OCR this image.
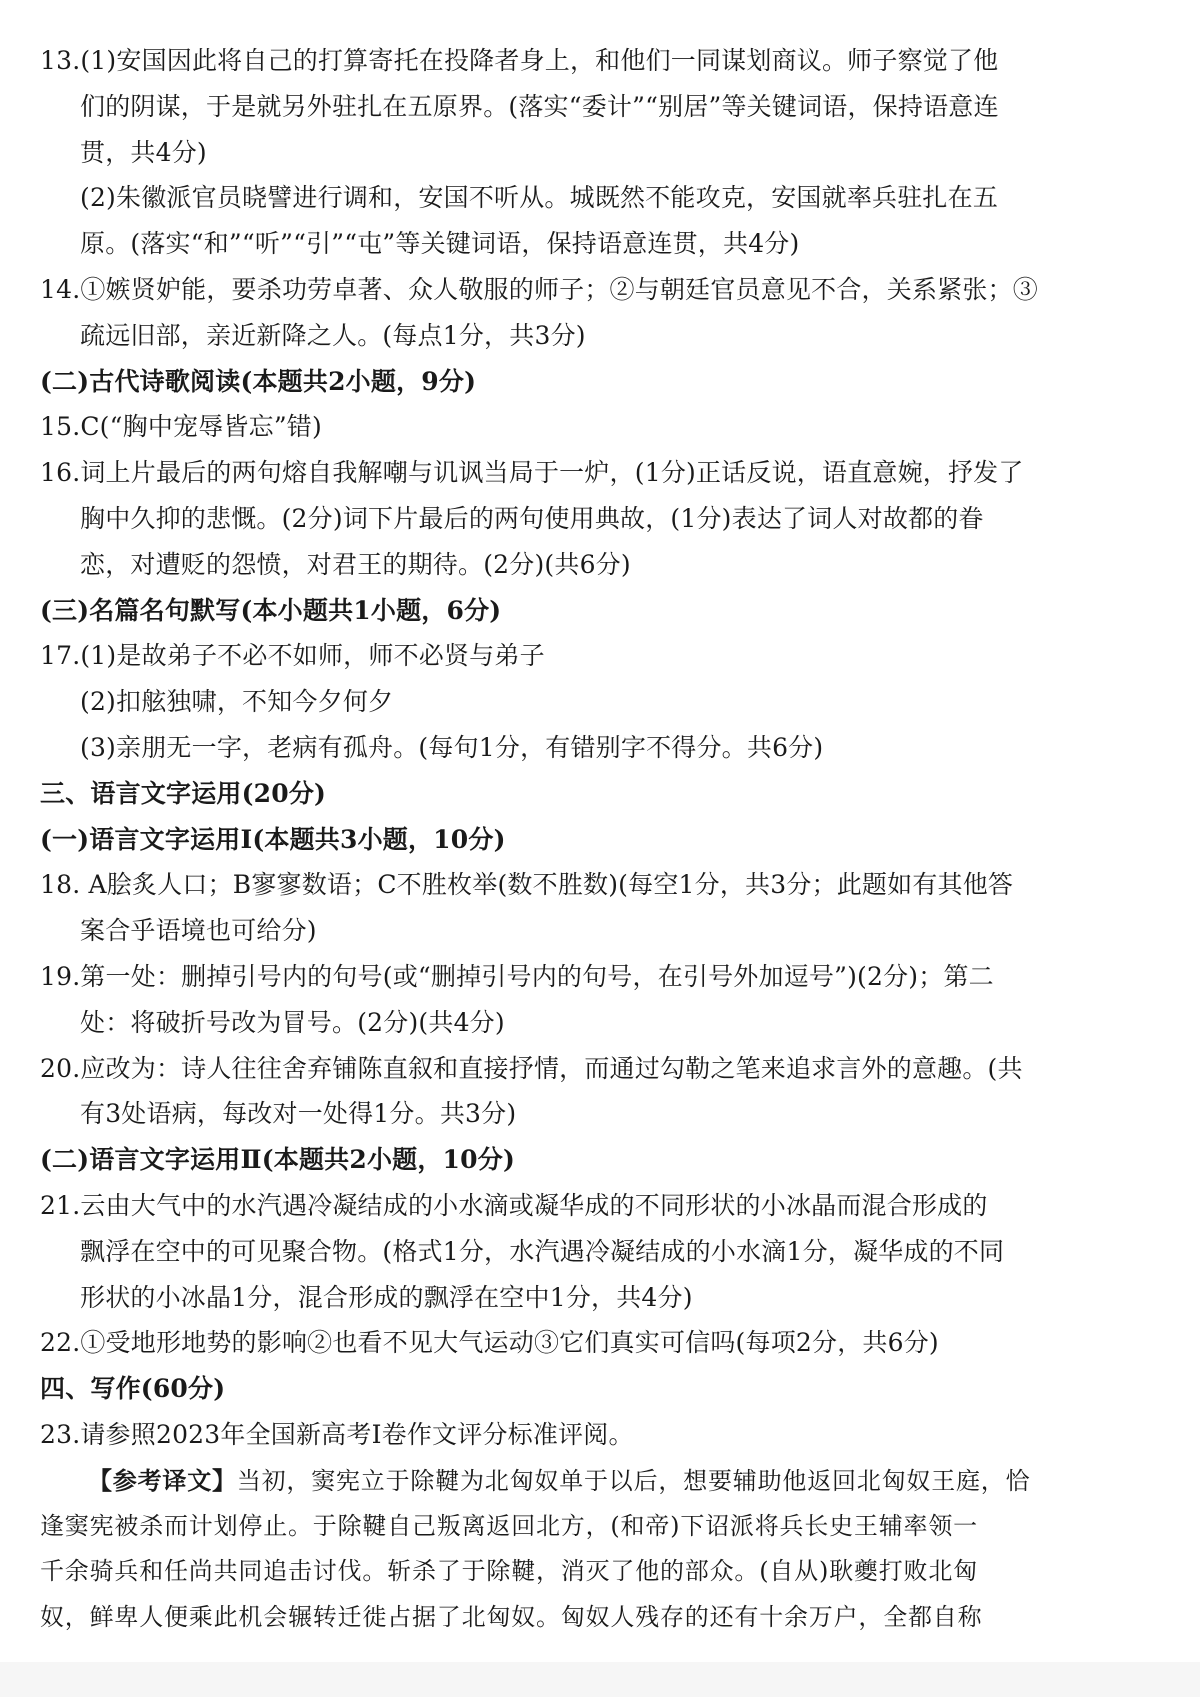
13.(1)安国因此将自己的打算寄托在投降者身上，和他们一同谋划商议。师子察觉了他
们的阴谋，于是就另外驻扎在五原界。(落实“委计”“别居”等关键词语，保持语意连
贯，共4分)
(2)朱徽派官员晓譬进行调和，安国不听从。城既然不能攻克，安国就率兵驻扎在五
原。(落实“和”“听”“引”“屯”等关键词语，保持语意连贯，共4分)
14.①嫉贤妒能，要杀功劳卓著、众人敬服的师子；②与朝廷官员意见不合，关系紧张；③
疏远旧部，亲近新降之人。(每点1分，共3分)
(二)古代诗歌阅读(本题共2小题，9分)
15.C(“胸中宠辱皆忘”错)
16.词上片最后的两句熔自我解嘲与讥讽当局于一炉，(1分)正话反说，语直意婉，抒发了
胸中久抑的悲慨。(2分)词下片最后的两句使用典故，(1分)表达了词人对故都的眷
恋，对遭贬的怨愤，对君王的期待。(2分)(共6分)
(三)名篇名句默写(本小题共1小题，6分)
17.(1)是故弟子不必不如师，师不必贤与弟子
(2)扣舷独啸，不知今夕何夕
(3)亲朋无一字，老病有孤舟。(每句1分，有错别字不得分。共6分)
三、语言文字运用(20分)
(一)语言文字运用Ⅰ(本题共3小题，10分)
18. A脍炙人口；B寥寥数语；C不胜枚举(数不胜数)(每空1分，共3分；此题如有其他答
案合乎语境也可给分)
19.第一处：删掉引号内的句号(或“删掉引号内的句号，在引号外加逗号”)(2分)；第二
处：将破折号改为冒号。(2分)(共4分)
20.应改为：诗人往往舍弃铺陈直叙和直接抒情，而通过勾勒之笔来追求言外的意趣。(共
有3处语病，每改对一处得1分。共3分)
(二)语言文字运用Ⅱ(本题共2小题，10分)
21.云由大气中的水汽遇冷凝结成的小水滴或凝华成的不同形状的小冰晶而混合形成的
飘浮在空中的可见聚合物。(格式1分，水汽遇冷凝结成的小水滴1分，凝华成的不同
形状的小冰晶1分，混合形成的飘浮在空中1分，共4分)
22.①受地形地势的影响②也看不见大气运动③它们真实可信吗(每项2分，共6分)
四、写作(60分)
23.请参照2023年全国新高考Ⅰ卷作文评分标准评阅。
【参考译文】当初，窦宪立于除鞬为北匈奴单于以后，想要辅助他返回北匈奴王庭，恰
逢窦宪被杀而计划停止。于除鞬自己叛离返回北方，(和帝)下诏派将兵长史王辅率领一
千余骑兵和任尚共同追击讨伐。斩杀了于除鞬，消灭了他的部众。(自从)耿夔打败北匈
奴，鲜卑人便乘此机会辗转迁徙占据了北匈奴。匈奴人残存的还有十余万户，全都自称
